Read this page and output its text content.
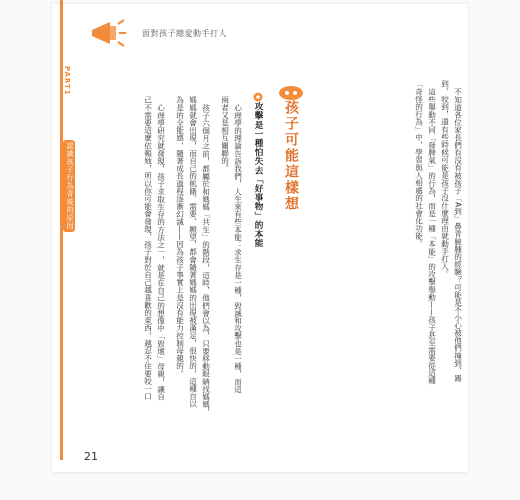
面對孩子總愛動手打人
PART1
認識孩子行為背後的原因	不知道各位家長們有沒有被孩子「A到」鼻青臉腫的經驗？可能是不小心被他們撞到、踢
到、咬到，還有些時候可能是孩子沒什麼理由就動手打人。
這些舉動不同「發脾氣」的行為，而是一種「本能」的攻擊舉動——孩子甚至需要從這種
「奇怪的行為」中，學習與人相處的社會化功能。
孩子可能這樣想
攻擊是一種怕失去「好事物」的本能
心理學的理論告訴我們，人生來有些本能：求生存是一種，毀滅和攻擊也是一種，而這
兩者又是相互關聯的。
孩子六個月之前，都屬於和媽媽「共生」的階段，這時，他們會以為，只要移動眼睛找媽媽，
媽媽就會出現，而自己的飢餓、需要、願望，都會隨著媽媽的出現被滿足，很快的，這種自以
為是的全能感，隨著成長過程逐漸幻滅——因為孩子事實上是沒有能力控制母親的。
心理學研究就發現，孩子求取生存的方法之一，就是在自己的想像中「毀壞」母親，讓自
己不需要這麼依賴她，所以你可能會發現，孩子對於自己越喜歡的東西，越忍不住要咬一口
21
